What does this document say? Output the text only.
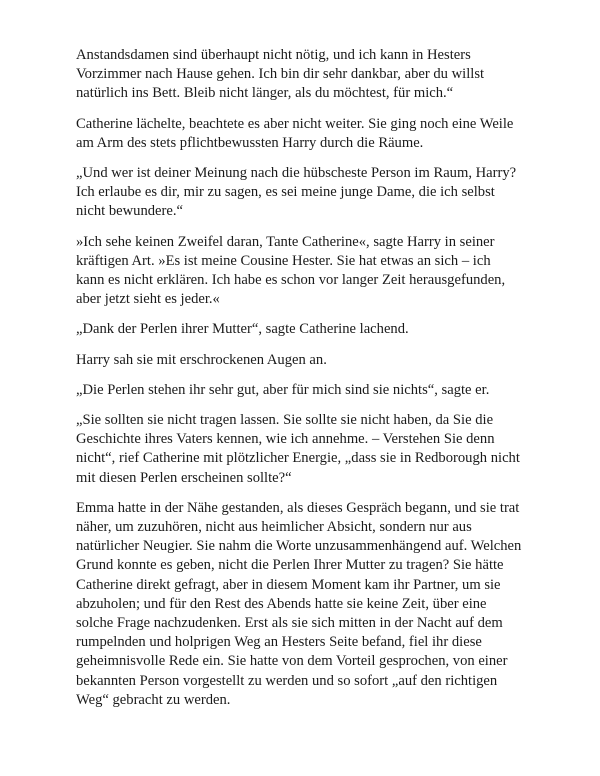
Anstandsdamen sind überhaupt nicht nötig, und ich kann in Hesters
Vorzimmer nach Hause gehen. Ich bin dir sehr dankbar, aber du willst
natürlich ins Bett. Bleib nicht länger, als du möchtest, für mich.“

Catherine lächelte, beachtete es aber nicht weiter. Sie ging noch eine Weile
am Arm des stets pflichtbewussten Harry durch die Räume.

„Und wer ist deiner Meinung nach die hübscheste Person im Raum, Harry?
Ich erlaube es dir, mir zu sagen, es sei meine junge Dame, die ich selbst
nicht bewundere.“

»Ich sehe keinen Zweifel daran, Tante Catherine«, sagte Harry in seiner
kräftigen Art. »Es ist meine Cousine Hester. Sie hat etwas an sich – ich
kann es nicht erklären. Ich habe es schon vor langer Zeit herausgefunden,
aber jetzt sieht es jeder.«

„Dank der Perlen ihrer Mutter“, sagte Catherine lachend.

Harry sah sie mit erschrockenen Augen an.

„Die Perlen stehen ihr sehr gut, aber für mich sind sie nichts“, sagte er.

„Sie sollten sie nicht tragen lassen. Sie sollte sie nicht haben, da Sie die
Geschichte ihres Vaters kennen, wie ich annehme. – Verstehen Sie denn
nicht“, rief Catherine mit plötzlicher Energie, „dass sie in Redborough nicht
mit diesen Perlen erscheinen sollte?“

Emma hatte in der Nähe gestanden, als dieses Gespräch begann, und sie trat
näher, um zuzuhören, nicht aus heimlicher Absicht, sondern nur aus
natürlicher Neugier. Sie nahm die Worte unzusammenhängend auf. Welchen
Grund konnte es geben, nicht die Perlen Ihrer Mutter zu tragen? Sie hätte
Catherine direkt gefragt, aber in diesem Moment kam ihr Partner, um sie
abzuholen; und für den Rest des Abends hatte sie keine Zeit, über eine
solche Frage nachzudenken. Erst als sie sich mitten in der Nacht auf dem
rumpelnden und holprigen Weg an Hesters Seite befand, fiel ihr diese
geheimnisvolle Rede ein. Sie hatte von dem Vorteil gesprochen, von einer
bekannten Person vorgestellt zu werden und so sofort „auf den richtigen
Weg“ gebracht zu werden.
